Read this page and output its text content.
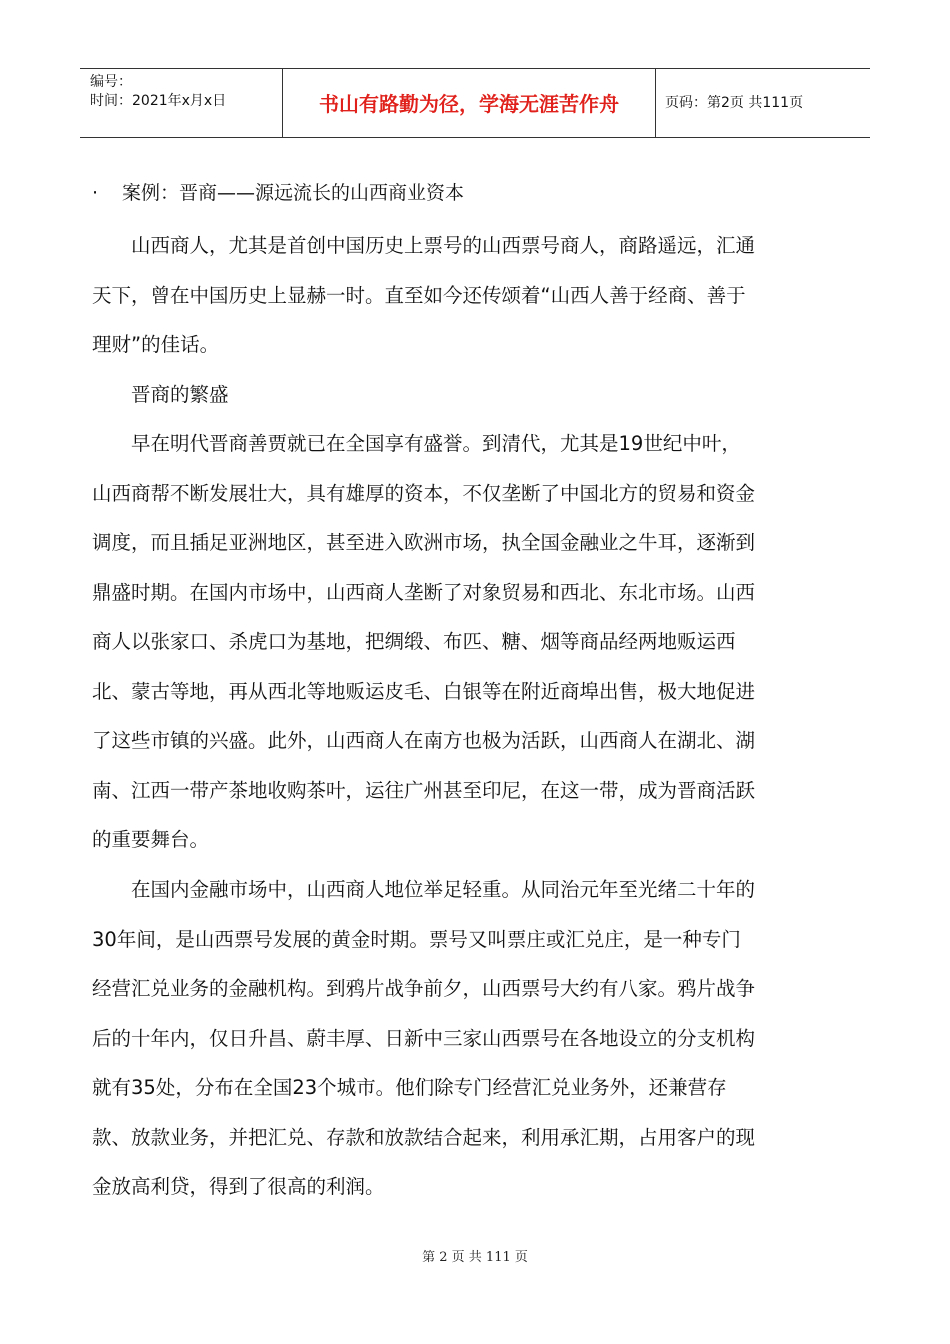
编号：
时间：2021年x月x日	书山有路勤为径，学海无涯苦作舟	页码：第2页 共111页
· 案例：晋商——源远流长的山西商业资本

山西商人，尤其是首创中国历史上票号的山西票号商人，商路遥远，汇通
天下，曾在中国历史上显赫一时。直至如今还传颂着“山西人善于经商、善于
理财”的佳话。

晋商的繁盛

早在明代晋商善贾就已在全国享有盛誉。到清代，尤其是19世纪中叶，
山西商帮不断发展壮大，具有雄厚的资本，不仅垄断了中国北方的贸易和资金
调度，而且插足亚洲地区，甚至进入欧洲市场，执全国金融业之牛耳，逐渐到
鼎盛时期。在国内市场中，山西商人垄断了对象贸易和西北、东北市场。山西
商人以张家口、杀虎口为基地，把绸缎、布匹、糖、烟等商品经两地贩运西
北、蒙古等地，再从西北等地贩运皮毛、白银等在附近商埠出售，极大地促进
了这些市镇的兴盛。此外，山西商人在南方也极为活跃，山西商人在湖北、湖
南、江西一带产茶地收购茶叶，运往广州甚至印尼，在这一带，成为晋商活跃
的重要舞台。

在国内金融市场中，山西商人地位举足轻重。从同治元年至光绪二十年的
30年间，是山西票号发展的黄金时期。票号又叫票庄或汇兑庄，是一种专门
经营汇兑业务的金融机构。到鸦片战争前夕，山西票号大约有八家。鸦片战争
后的十年内，仅日升昌、蔚丰厚、日新中三家山西票号在各地设立的分支机构
就有35处，分布在全国23个城市。他们除专门经营汇兑业务外，还兼营存
款、放款业务，并把汇兑、存款和放款结合起来，利用承汇期，占用客户的现
金放高利贷，得到了很高的利润。

第 2 页 共 111 页
